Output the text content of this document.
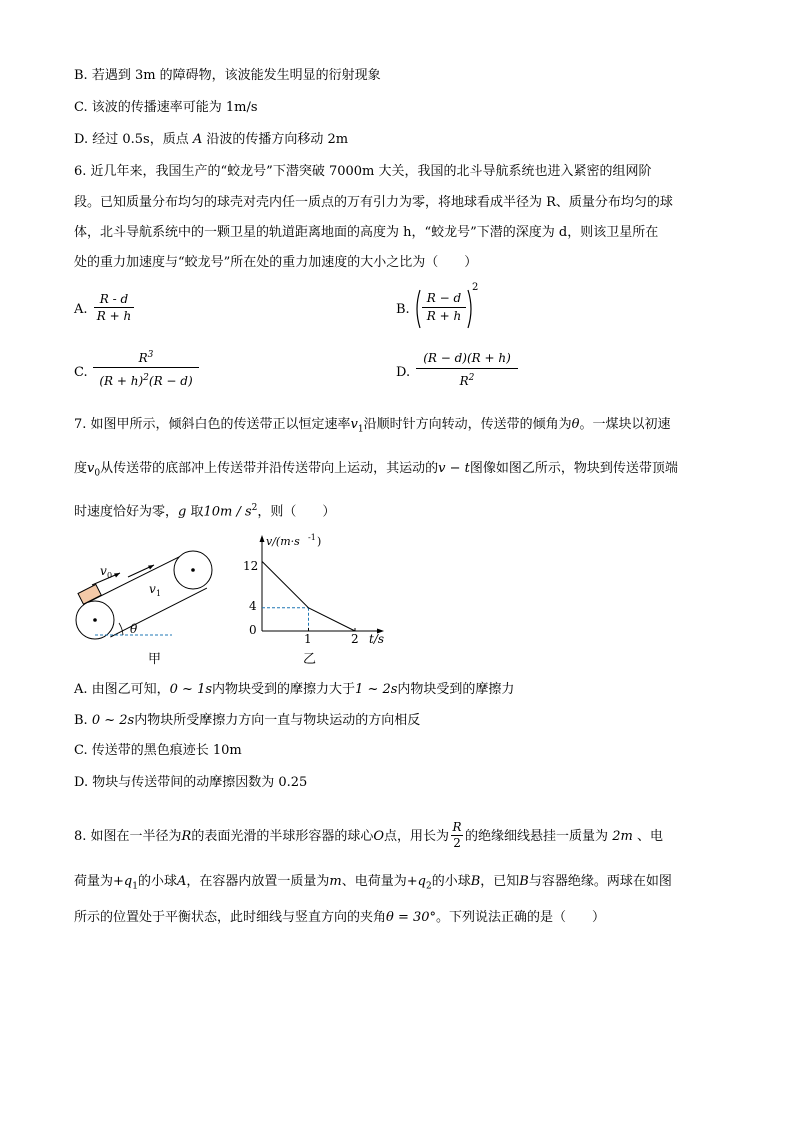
B. 若遇到 3m 的障碍物，该波能发生明显的衍射现象
C. 该波的传播速率可能为 1m/s
D. 经过 0.5s，质点 A 沿波的传播方向移动 2m
6. 近几年来，我国生产的“蛟龙号”下潜突破 7000m 大关，我国的北斗导航系统也进入紧密的组网阶
段。已知质量分布均匀的球壳对壳内任一质点的万有引力为零，将地球看成半径为 R、质量分布均匀的球
体，北斗导航系统中的一颗卫星的轨道距离地面的高度为 h，“蛟龙号”下潜的深度为 d，则该卫星所在
处的重力加速度与“蛟龙号”所在处的重力加速度的大小之比为（　　）
A.
R - d
R + h	B.
R − d
R + h
2
C.
$R^3$
$(R + h)^2(R - d)$
D.
(R − d)(R + h)
$R^2$
7. 如图甲所示，倾斜白色的传送带正以恒定速率$v_1$沿顺时针方向转动，传送带的倾角为θ。一煤块以初速
度$v_0$从传送带的底部冲上传送带并沿传送带向上运动，其运动的v − t图像如图乙所示，物块到传送带顶端
时速度恰好为零，g 取$10m / s^2$，则（　　）
v 0
v 1
θ
甲
v/(m·s -1 )
12
4
0
1	2 t/s
乙
A. 由图乙可知，0 ~ 1s内物块受到的摩擦力大于1 ~ 2s内物块受到的摩擦力
B. 0 ~ 2s内物块所受摩擦力方向一直与物块运动的方向相反
C. 传送带的黑色痕迹长 10m
D. 物块与传送带间的动摩擦因数为 0.25
8. 如图在一半径为R的表面光滑的半球形容器的球心O点，用长为 $\frac{R}{2}$ 的绝缘细线悬挂一质量为 2m 、电
荷量为$+q_1$的小球A，在容器内放置一质量为m、电荷量为$+q_2$的小球B，已知B与容器绝缘。两球在如图
所示的位置处于平衡状态，此时细线与竖直方向的夹角θ = 30°。下列说法正确的是（　　）
